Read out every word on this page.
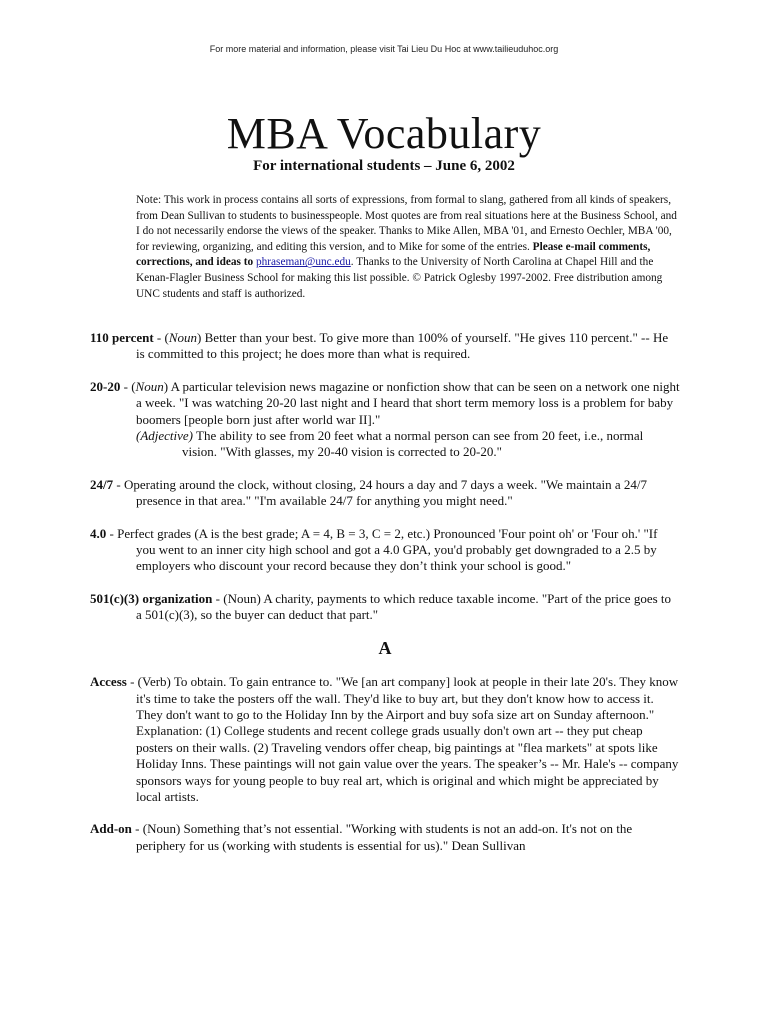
For more material and information, please visit Tai Lieu Du Hoc at www.tailieuduhoc.org
MBA Vocabulary
For international students – June 6, 2002
Note: This work in process contains all sorts of expressions, from formal to slang, gathered from all kinds of speakers, from Dean Sullivan to students to businesspeople. Most quotes are from real situations here at the Business School, and I do not necessarily endorse the views of the speaker. Thanks to Mike Allen, MBA '01, and Ernesto Oechler, MBA '00, for reviewing, organizing, and editing this version, and to Mike for some of the entries. Please e-mail comments, corrections, and ideas to phraseman@unc.edu. Thanks to the University of North Carolina at Chapel Hill and the Kenan-Flagler Business School for making this list possible. © Patrick Oglesby 1997-2002. Free distribution among UNC students and staff is authorized.
110 percent - (Noun) Better than your best. To give more than 100% of yourself. "He gives 110 percent." -- He is committed to this project; he does more than what is required.
20-20 - (Noun) A particular television news magazine or nonfiction show that can be seen on a network one night a week. "I was watching 20-20 last night and I heard that short term memory loss is a problem for baby boomers [people born just after world war II]."
(Adjective) The ability to see from 20 feet what a normal person can see from 20 feet, i.e., normal vision. "With glasses, my 20-40 vision is corrected to 20-20."
24/7 - Operating around the clock, without closing, 24 hours a day and 7 days a week. "We maintain a 24/7 presence in that area." "I'm available 24/7 for anything you might need."
4.0 - Perfect grades (A is the best grade; A = 4, B = 3, C = 2, etc.) Pronounced 'Four point oh' or 'Four oh.' "If you went to an inner city high school and got a 4.0 GPA, you'd probably get downgraded to a 2.5 by employers who discount your record because they don’t think your school is good."
501(c)(3) organization - (Noun) A charity, payments to which reduce taxable income. "Part of the price goes to a 501(c)(3), so the buyer can deduct that part."
A
Access - (Verb) To obtain. To gain entrance to. "We [an art company] look at people in their late 20's. They know it's time to take the posters off the wall. They'd like to buy art, but they don't know how to access it. They don't want to go to the Holiday Inn by the Airport and buy sofa size art on Sunday afternoon." Explanation: (1) College students and recent college grads usually don't own art -- they put cheap posters on their walls. (2) Traveling vendors offer cheap, big paintings at "flea markets" at spots like Holiday Inns. These paintings will not gain value over the years. The speaker’s -- Mr. Hale's -- company sponsors ways for young people to buy real art, which is original and which might be appreciated by local artists.
Add-on - (Noun) Something that’s not essential. "Working with students is not an add-on. It's not on the periphery for us (working with students is essential for us)." Dean Sullivan
